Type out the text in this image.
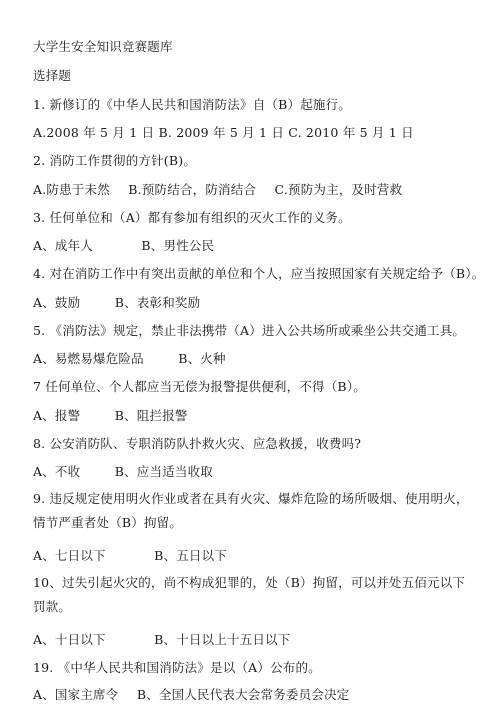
大学生安全知识竞赛题库
选择题
1. 新修订的《中华人民共和国消防法》自（B）起施行。
A.2008 年 5 月 1 日 B. 2009 年 5 月 1 日 C. 2010 年 5 月 1 日
2. 消防工作贯彻的方针(B)。
A.防患于未然 B.预防结合，防消结合 C.预防为主，及时营救
3. 任何单位和（A）都有参加有组织的灭火工作的义务。
A、成年人	B、男性公民
4. 对在消防工作中有突出贡献的单位和个人，应当按照国家有关规定给予（B）。
A、鼓励	B、表彰和奖励
5. 《消防法》规定，禁止非法携带（A）进入公共场所或乘坐公共交通工具。
A、易燃易爆危险品	B、火种
7 任何单位、个人都应当无偿为报警提供便利，不得（B）。
A、报警	B、阻拦报警
8. 公安消防队、专职消防队扑救火灾、应急救援，收费吗?
A、不收	B、应当适当收取
9. 违反规定使用明火作业或者在具有火灾、爆炸危险的场所吸烟、使用明火，情节严重者处（B）拘留。
A、七日以下	B、五日以下
10、过失引起火灾的，尚不构成犯罪的，处（B）拘留，可以并处五佰元以下罚款。
A、十日以下	B、十日以上十五日以下
19. 《中华人民共和国消防法》是以（A）公布的。
A、国家主席令 B、全国人民代表大会常务委员会决定
